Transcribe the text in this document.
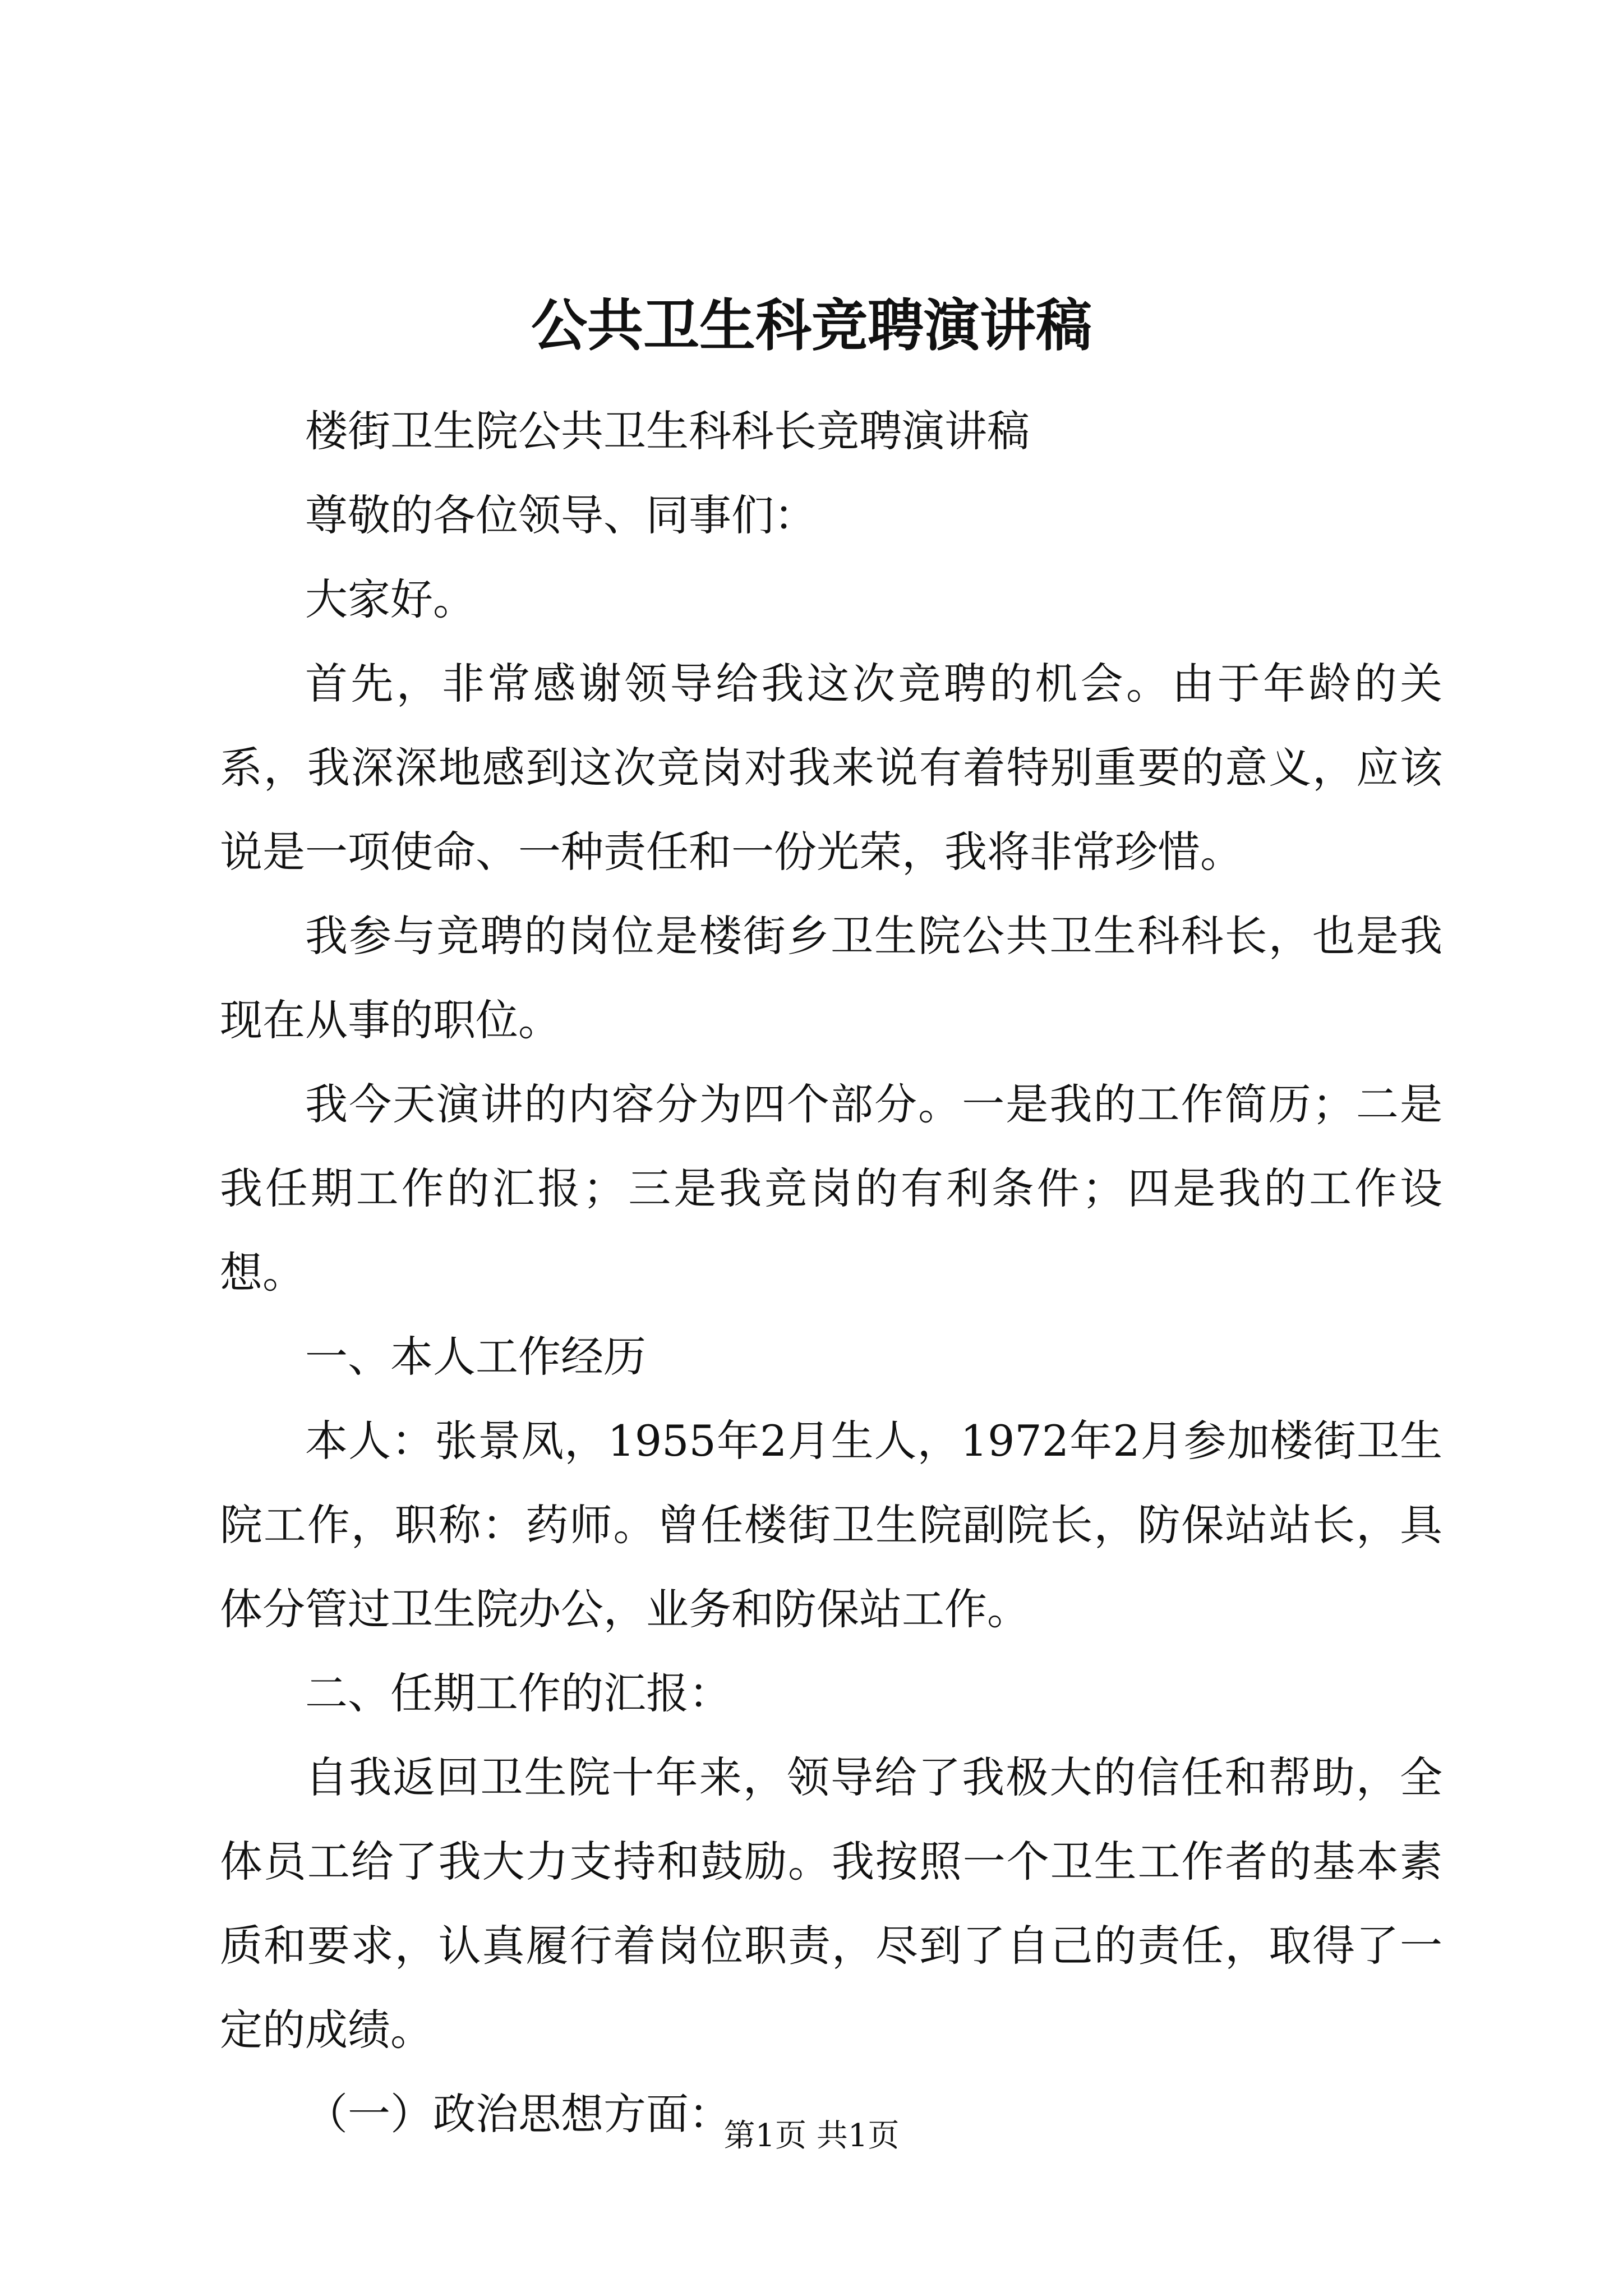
公共卫生科竞聘演讲稿

楼街卫生院公共卫生科科长竞聘演讲稿

尊敬的各位领导、同事们：

大家好。

首先，非常感谢领导给我这次竞聘的机会。由于年龄的关系，我深深地感到这次竞岗对我来说有着特别重要的意义，应该说是一项使命、一种责任和一份光荣，我将非常珍惜。

我参与竞聘的岗位是楼街乡卫生院公共卫生科科长，也是我现在从事的职位。

我今天演讲的内容分为四个部分。一是我的工作简历；二是我任期工作的汇报；三是我竞岗的有利条件；四是我的工作设想。

一、本人工作经历

本人：张景凤，1955年2月生人，1972年2月参加楼街卫生院工作，职称：药师。曾任楼街卫生院副院长，防保站站长，具体分管过卫生院办公，业务和防保站工作。

二、任期工作的汇报：

自我返回卫生院十年来，领导给了我极大的信任和帮助，全体员工给了我大力支持和鼓励。我按照一个卫生工作者的基本素质和要求，认真履行着岗位职责，尽到了自己的责任，取得了一定的成绩。

（一）政治思想方面：

第1页 共1页
